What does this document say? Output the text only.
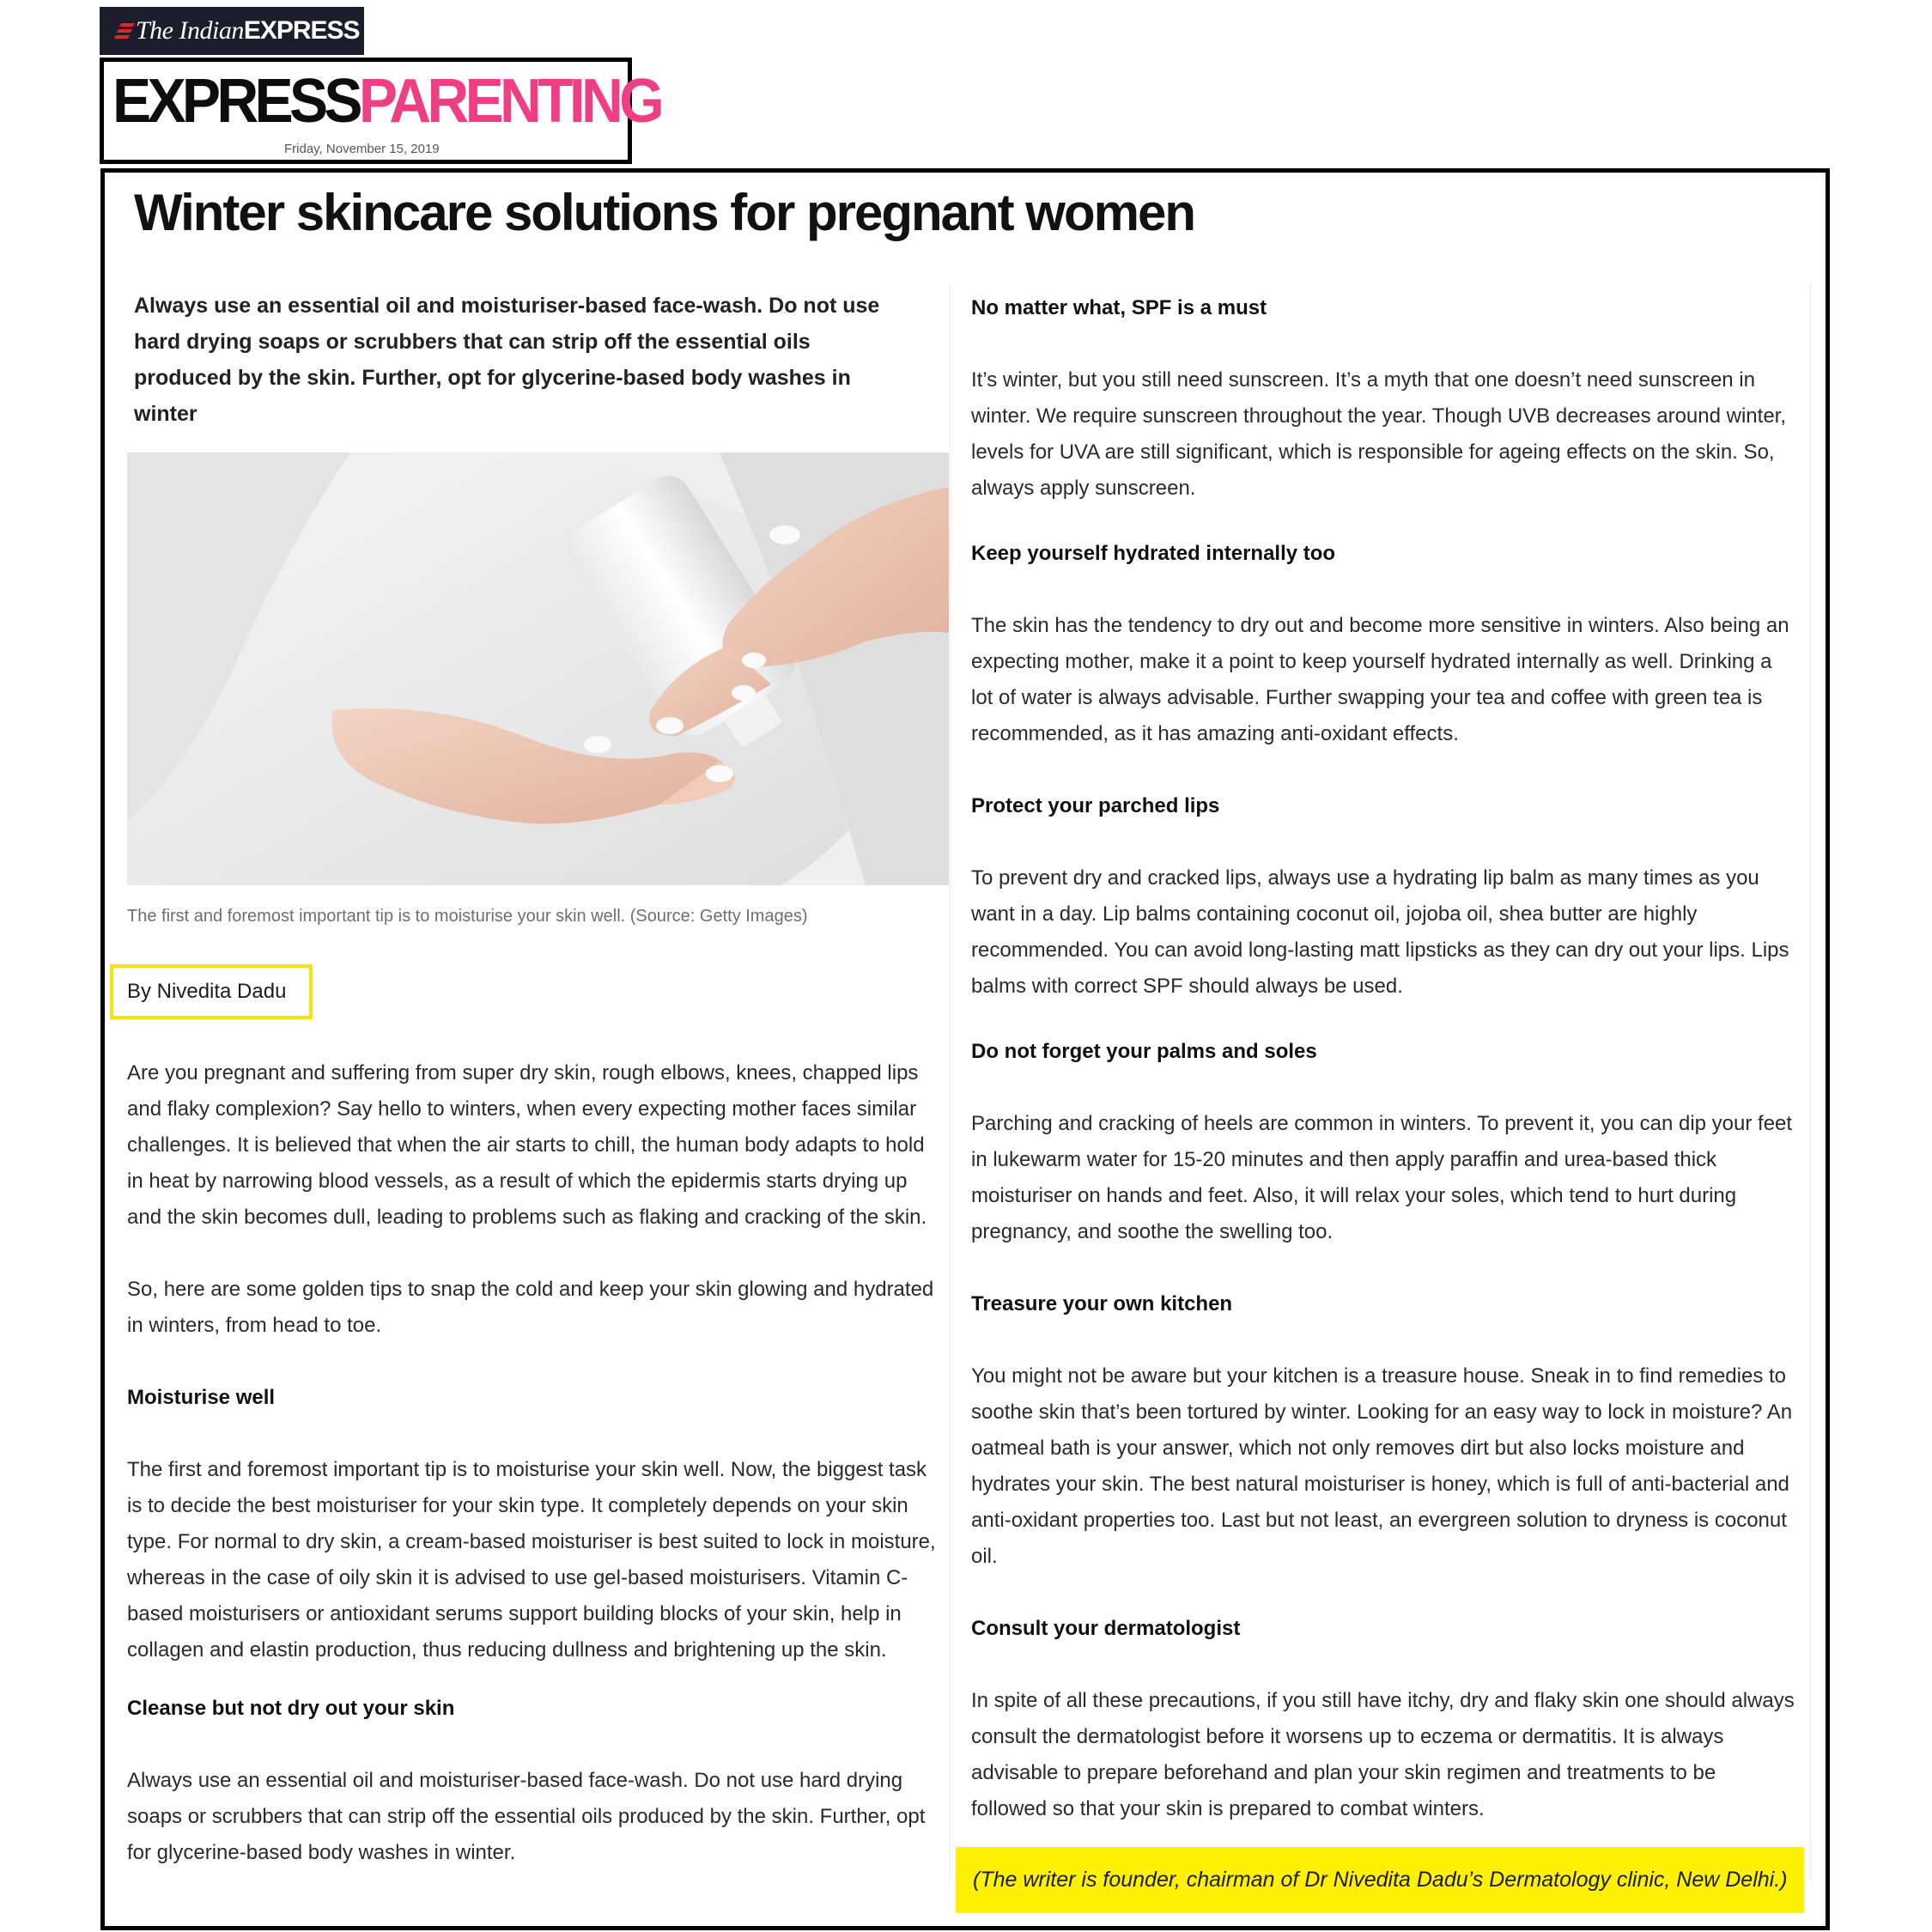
The Indian EXPRESS
EXPRESSPARENTING
Friday, November 15, 2019
Winter skincare solutions for pregnant women

Always use an essential oil and moisturiser-based face-wash. Do not use hard drying soaps or scrubbers that can strip off the essential oils produced by the skin. Further, opt for glycerine-based body washes in winter

The first and foremost important tip is to moisturise your skin well. (Source: Getty Images)

By Nivedita Dadu

Are you pregnant and suffering from super dry skin, rough elbows, knees, chapped lips and flaky complexion? Say hello to winters, when every expecting mother faces similar challenges. It is believed that when the air starts to chill, the human body adapts to hold in heat by narrowing blood vessels, as a result of which the epidermis starts drying up and the skin becomes dull, leading to problems such as flaking and cracking of the skin.

So, here are some golden tips to snap the cold and keep your skin glowing and hydrated in winters, from head to toe.

Moisturise well

The first and foremost important tip is to moisturise your skin well. Now, the biggest task is to decide the best moisturiser for your skin type. It completely depends on your skin type. For normal to dry skin, a cream-based moisturiser is best suited to lock in moisture, whereas in the case of oily skin it is advised to use gel-based moisturisers. Vitamin C-based moisturisers or antioxidant serums support building blocks of your skin, help in collagen and elastin production, thus reducing dullness and brightening up the skin.

Cleanse but not dry out your skin

Always use an essential oil and moisturiser-based face-wash. Do not use hard drying soaps or scrubbers that can strip off the essential oils produced by the skin. Further, opt for glycerine-based body washes in winter.

No matter what, SPF is a must

It’s winter, but you still need sunscreen. It’s a myth that one doesn’t need sunscreen in winter. We require sunscreen throughout the year. Though UVB decreases around winter, levels for UVA are still significant, which is responsible for ageing effects on the skin. So, always apply sunscreen.

Keep yourself hydrated internally too

The skin has the tendency to dry out and become more sensitive in winters. Also being an expecting mother, make it a point to keep yourself hydrated internally as well. Drinking a lot of water is always advisable. Further swapping your tea and coffee with green tea is recommended, as it has amazing anti-oxidant effects.

Protect your parched lips

To prevent dry and cracked lips, always use a hydrating lip balm as many times as you want in a day. Lip balms containing coconut oil, jojoba oil, shea butter are highly recommended. You can avoid long-lasting matt lipsticks as they can dry out your lips. Lips balms with correct SPF should always be used.

Do not forget your palms and soles

Parching and cracking of heels are common in winters. To prevent it, you can dip your feet in lukewarm water for 15-20 minutes and then apply paraffin and urea-based thick moisturiser on hands and feet. Also, it will relax your soles, which tend to hurt during pregnancy, and soothe the swelling too.

Treasure your own kitchen

You might not be aware but your kitchen is a treasure house. Sneak in to find remedies to soothe skin that’s been tortured by winter. Looking for an easy way to lock in moisture? An oatmeal bath is your answer, which not only removes dirt but also locks moisture and hydrates your skin. The best natural moisturiser is honey, which is full of anti-bacterial and anti-oxidant properties too. Last but not least, an evergreen solution to dryness is coconut oil.

Consult your dermatologist

In spite of all these precautions, if you still have itchy, dry and flaky skin one should always consult the dermatologist before it worsens up to eczema or dermatitis. It is always advisable to prepare beforehand and plan your skin regimen and treatments to be followed so that your skin is prepared to combat winters.

(The writer is founder, chairman of Dr Nivedita Dadu’s Dermatology clinic, New Delhi.)
